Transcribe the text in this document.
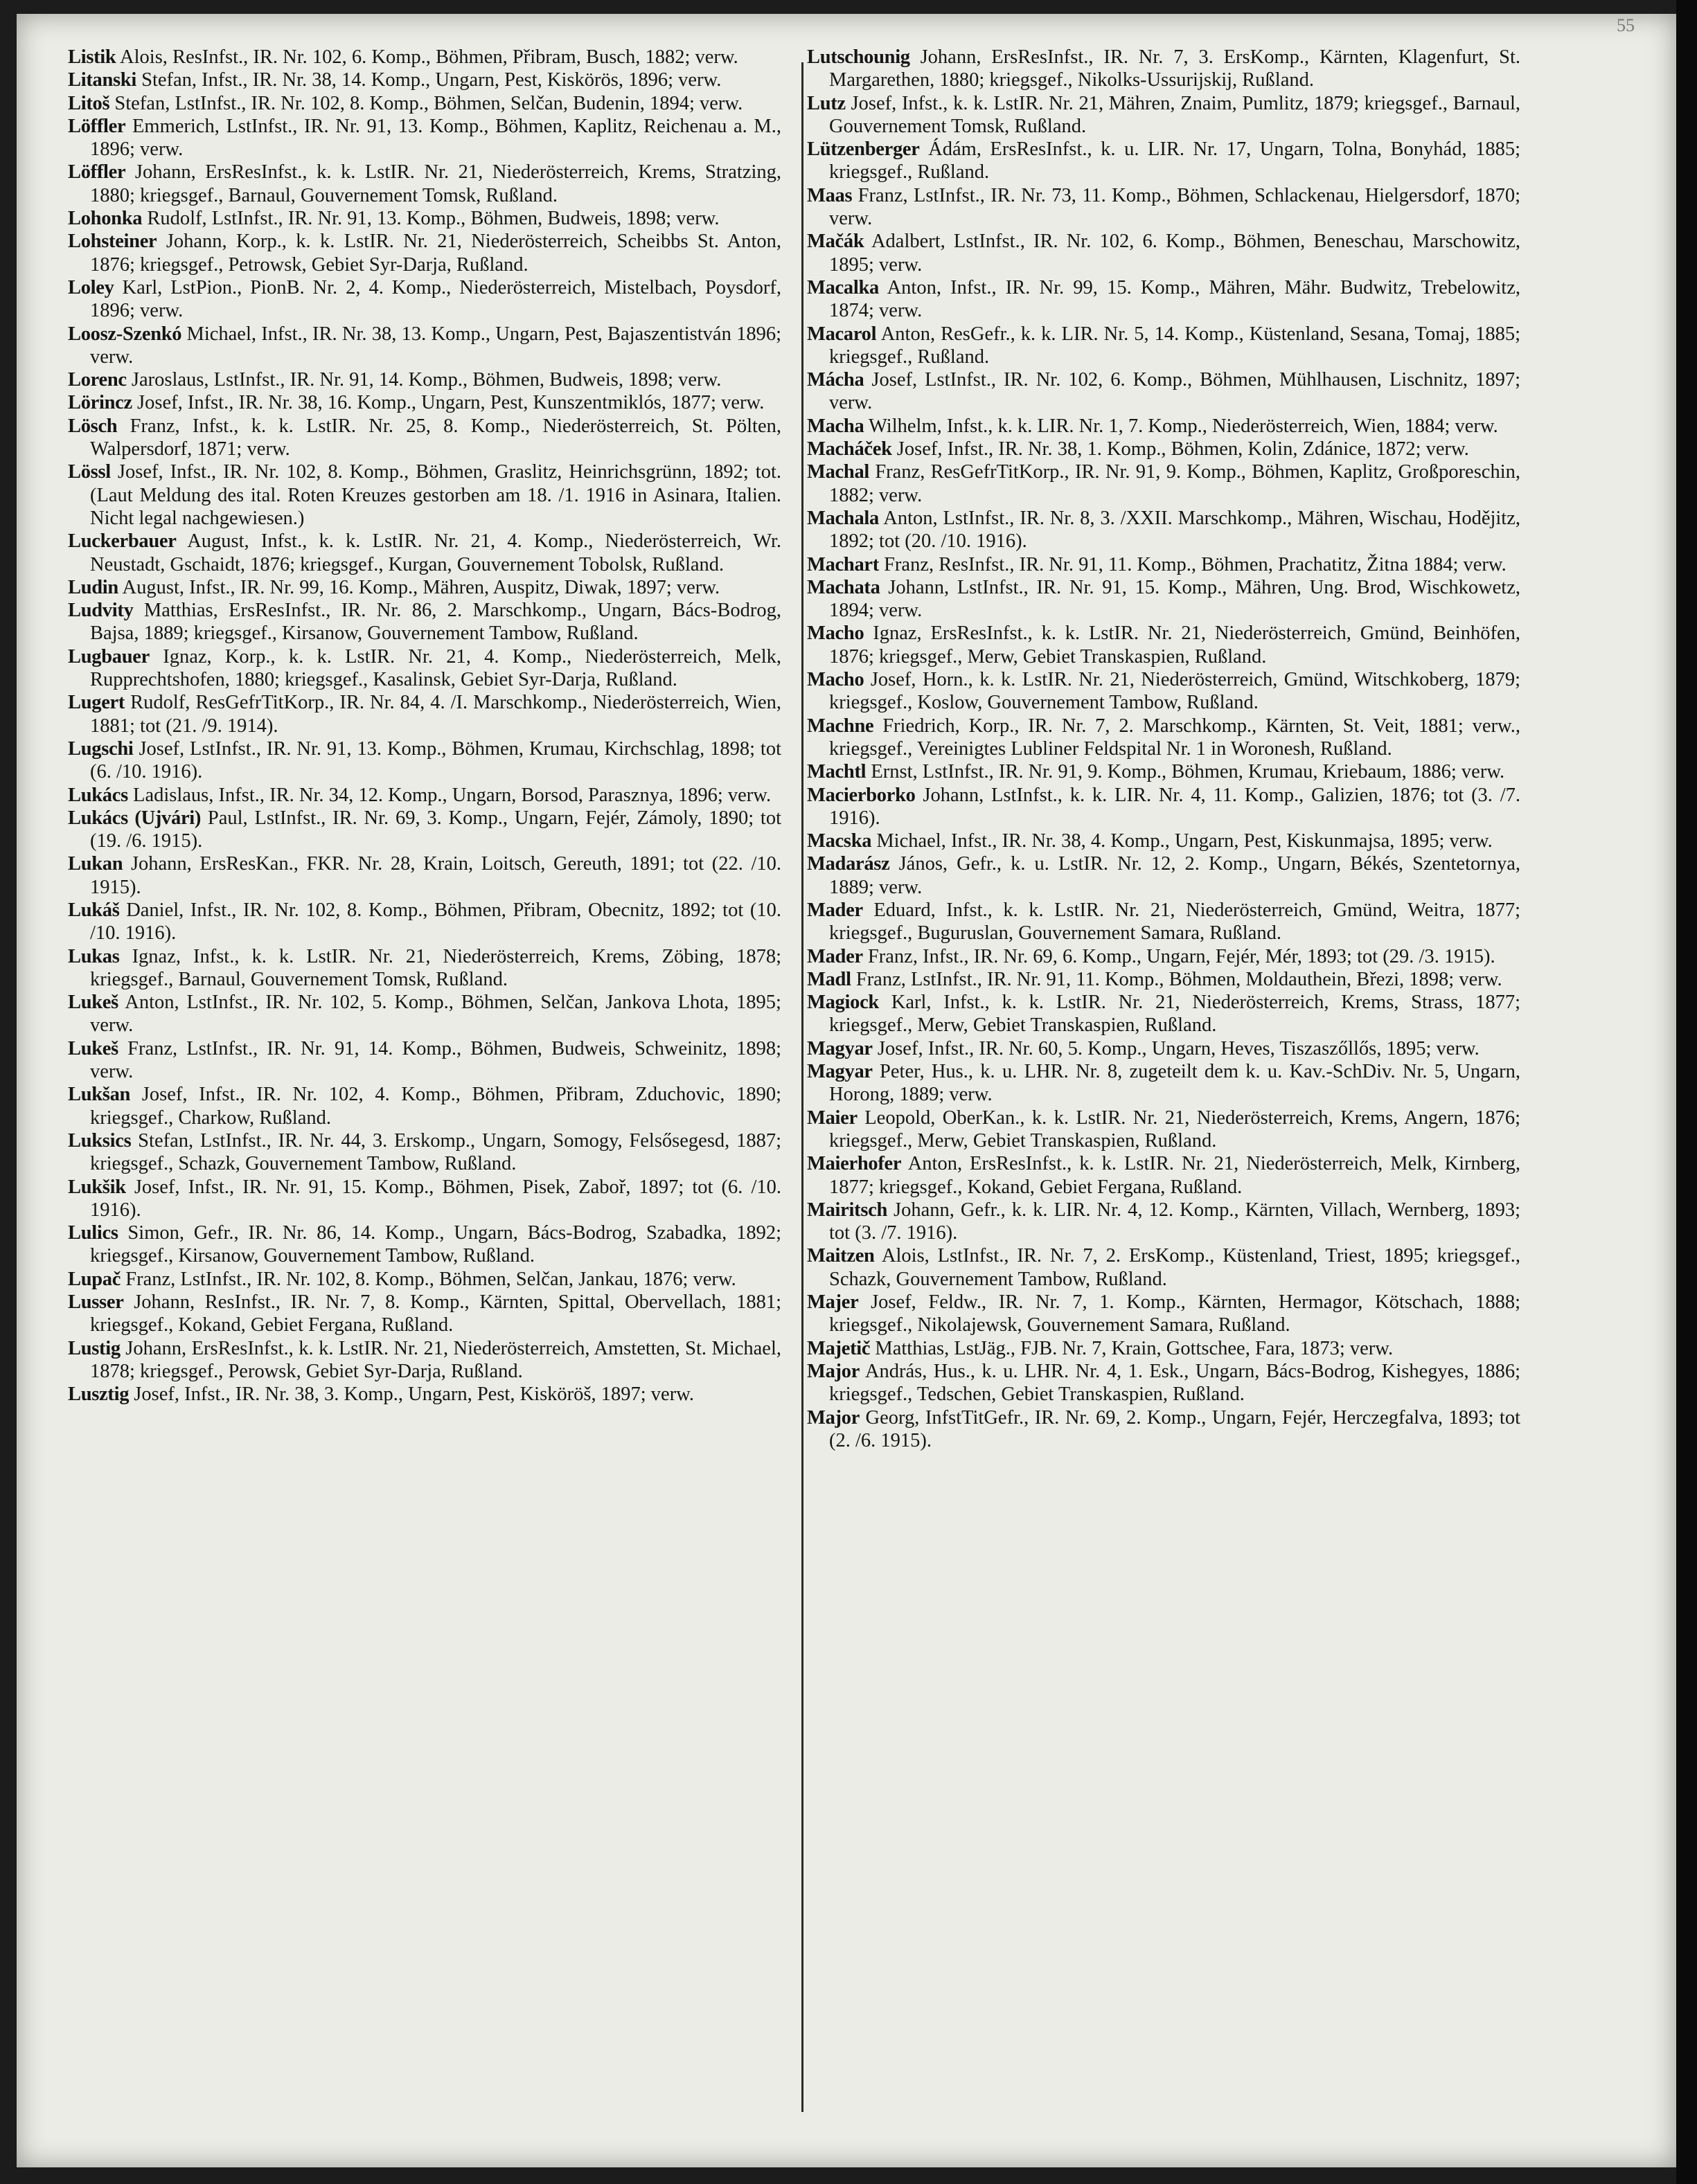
55

Listik Alois, ResInfst., IR. Nr. 102, 6. Komp., Böhmen, Přibram, Busch, 1882; verw.

Litanski Stefan, Infst., IR. Nr. 38, 14. Komp., Ungarn, Pest, Kiskörös, 1896; verw.

Litoš Stefan, LstInfst., IR. Nr. 102, 8. Komp., Böhmen, Selčan, Budenin, 1894; verw.

Löffler Emmerich, LstInfst., IR. Nr. 91, 13. Komp., Böhmen, Kaplitz, Reichenau a. M., 1896; verw.

Löffler Johann, ErsResInfst., k. k. LstIR. Nr. 21, Niederösterreich, Krems, Stratzing, 1880; kriegsgef., Barnaul, Gouvernement Tomsk, Rußland.

Lohonka Rudolf, LstInfst., IR. Nr. 91, 13. Komp., Böhmen, Budweis, 1898; verw.

Lohsteiner Johann, Korp., k. k. LstIR. Nr. 21, Niederösterreich, Scheibbs St. Anton, 1876; kriegsgef., Petrowsk, Gebiet Syr-Darja, Rußland.

Loley Karl, LstPion., PionB. Nr. 2, 4. Komp., Niederösterreich, Mistelbach, Poysdorf, 1896; verw.

Loosz-Szenkó Michael, Infst., IR. Nr. 38, 13. Komp., Ungarn, Pest, Bajaszentistván 1896; verw.

Lorenc Jaroslaus, LstInfst., IR. Nr. 91, 14. Komp., Böhmen, Budweis, 1898; verw.

Lörincz Josef, Infst., IR. Nr. 38, 16. Komp., Ungarn, Pest, Kunszentmiklós, 1877; verw.

Lösch Franz, Infst., k. k. LstIR. Nr. 25, 8. Komp., Niederösterreich, St. Pölten, Walpersdorf, 1871; verw.

Lössl Josef, Infst., IR. Nr. 102, 8. Komp., Böhmen, Graslitz, Heinrichsgrünn, 1892; tot. (Laut Meldung des ital. Roten Kreuzes gestorben am 18. /1. 1916 in Asinara, Italien. Nicht legal nachgewiesen.)

Luckerbauer August, Infst., k. k. LstIR. Nr. 21, 4. Komp., Niederösterreich, Wr. Neustadt, Gschaidt, 1876; kriegsgef., Kurgan, Gouvernement Tobolsk, Rußland.

Ludin August, Infst., IR. Nr. 99, 16. Komp., Mähren, Auspitz, Diwak, 1897; verw.

Ludvity Matthias, ErsResInfst., IR. Nr. 86, 2. Marschkomp., Ungarn, Bács-Bodrog, Bajsa, 1889; kriegsgef., Kirsanow, Gouvernement Tambow, Rußland.

Lugbauer Ignaz, Korp., k. k. LstIR. Nr. 21, 4. Komp., Niederösterreich, Melk, Rupprechtshofen, 1880; kriegsgef., Kasalinsk, Gebiet Syr-Darja, Rußland.

Lugert Rudolf, ResGefrTitKorp., IR. Nr. 84, 4. /I. Marschkomp., Niederösterreich, Wien, 1881; tot (21. /9. 1914).

Lugschi Josef, LstInfst., IR. Nr. 91, 13. Komp., Böhmen, Krumau, Kirchschlag, 1898; tot (6. /10. 1916).

Lukács Ladislaus, Infst., IR. Nr. 34, 12. Komp., Ungarn, Borsod, Parasznya, 1896; verw.

Lukács (Ujvári) Paul, LstInfst., IR. Nr. 69, 3. Komp., Ungarn, Fejér, Zámoly, 1890; tot (19. /6. 1915).

Lukan Johann, ErsResKan., FKR. Nr. 28, Krain, Loitsch, Gereuth, 1891; tot (22. /10. 1915).

Lukáš Daniel, Infst., IR. Nr. 102, 8. Komp., Böhmen, Přibram, Obecnitz, 1892; tot (10. /10. 1916).

Lukas Ignaz, Infst., k. k. LstIR. Nr. 21, Niederösterreich, Krems, Zöbing, 1878; kriegsgef., Barnaul, Gouvernement Tomsk, Rußland.

Lukeš Anton, LstInfst., IR. Nr. 102, 5. Komp., Böhmen, Selčan, Jankova Lhota, 1895; verw.

Lukeš Franz, LstInfst., IR. Nr. 91, 14. Komp., Böhmen, Budweis, Schweinitz, 1898; verw.

Lukšan Josef, Infst., IR. Nr. 102, 4. Komp., Böhmen, Přibram, Zduchovic, 1890; kriegsgef., Charkow, Rußland.

Luksics Stefan, LstInfst., IR. Nr. 44, 3. Erskomp., Ungarn, Somogy, Felsősegesd, 1887; kriegsgef., Schazk, Gouvernement Tambow, Rußland.

Lukšik Josef, Infst., IR. Nr. 91, 15. Komp., Böhmen, Pisek, Zaboř, 1897; tot (6. /10. 1916).

Lulics Simon, Gefr., IR. Nr. 86, 14. Komp., Ungarn, Bács-Bodrog, Szabadka, 1892; kriegsgef., Kirsanow, Gouvernement Tambow, Rußland.

Lupač Franz, LstInfst., IR. Nr. 102, 8. Komp., Böhmen, Selčan, Jankau, 1876; verw.

Lusser Johann, ResInfst., IR. Nr. 7, 8. Komp., Kärnten, Spittal, Obervellach, 1881; kriegsgef., Kokand, Gebiet Fergana, Rußland.

Lustig Johann, ErsResInfst., k. k. LstIR. Nr. 21, Niederösterreich, Amstetten, St. Michael, 1878; kriegsgef., Perowsk, Gebiet Syr-Darja, Rußland.

Lusztig Josef, Infst., IR. Nr. 38, 3. Komp., Ungarn, Pest, Kisköröš, 1897; verw.

Lutschounig Johann, ErsResInfst., IR. Nr. 7, 3. ErsKomp., Kärnten, Klagenfurt, St. Margarethen, 1880; kriegsgef., Nikolks-Ussurijskij, Rußland.

Lutz Josef, Infst., k. k. LstIR. Nr. 21, Mähren, Znaim, Pumlitz, 1879; kriegsgef., Barnaul, Gouvernement Tomsk, Rußland.

Lützenberger Ádám, ErsResInfst., k. u. LIR. Nr. 17, Ungarn, Tolna, Bonyhád, 1885; kriegsgef., Rußland.

Maas Franz, LstInfst., IR. Nr. 73, 11. Komp., Böhmen, Schlackenau, Hielgersdorf, 1870; verw.

Mačák Adalbert, LstInfst., IR. Nr. 102, 6. Komp., Böhmen, Beneschau, Marschowitz, 1895; verw.

Macalka Anton, Infst., IR. Nr. 99, 15. Komp., Mähren, Mähr. Budwitz, Trebelowitz, 1874; verw.

Macarol Anton, ResGefr., k. k. LIR. Nr. 5, 14. Komp., Küstenland, Sesana, Tomaj, 1885; kriegsgef., Rußland.

Mácha Josef, LstInfst., IR. Nr. 102, 6. Komp., Böhmen, Mühlhausen, Lischnitz, 1897; verw.

Macha Wilhelm, Infst., k. k. LIR. Nr. 1, 7. Komp., Niederösterreich, Wien, 1884; verw.

Macháček Josef, Infst., IR. Nr. 38, 1. Komp., Böhmen, Kolin, Zdánice, 1872; verw.

Machal Franz, ResGefrTitKorp., IR. Nr. 91, 9. Komp., Böhmen, Kaplitz, Großporeschin, 1882; verw.

Machala Anton, LstInfst., IR. Nr. 8, 3. /XXII. Marschkomp., Mähren, Wischau, Hodějitz, 1892; tot (20. /10. 1916).

Machart Franz, ResInfst., IR. Nr. 91, 11. Komp., Böhmen, Prachatitz, Žitna 1884; verw.

Machata Johann, LstInfst., IR. Nr. 91, 15. Komp., Mähren, Ung. Brod, Wischkowetz, 1894; verw.

Macho Ignaz, ErsResInfst., k. k. LstIR. Nr. 21, Niederösterreich, Gmünd, Beinhöfen, 1876; kriegsgef., Merw, Gebiet Transkaspien, Rußland.

Macho Josef, Horn., k. k. LstIR. Nr. 21, Niederösterreich, Gmünd, Witschkoberg, 1879; kriegsgef., Koslow, Gouvernement Tambow, Rußland.

Machne Friedrich, Korp., IR. Nr. 7, 2. Marschkomp., Kärnten, St. Veit, 1881; verw., kriegsgef., Vereinigtes Lubliner Feldspital Nr. 1 in Woronesh, Rußland.

Machtl Ernst, LstInfst., IR. Nr. 91, 9. Komp., Böhmen, Krumau, Kriebaum, 1886; verw.

Macierborko Johann, LstInfst., k. k. LIR. Nr. 4, 11. Komp., Galizien, 1876; tot (3. /7. 1916).

Macska Michael, Infst., IR. Nr. 38, 4. Komp., Ungarn, Pest, Kiskunmajsa, 1895; verw.

Madarász János, Gefr., k. u. LstIR. Nr. 12, 2. Komp., Ungarn, Békés, Szentetornya, 1889; verw.

Mader Eduard, Infst., k. k. LstIR. Nr. 21, Niederösterreich, Gmünd, Weitra, 1877; kriegsgef., Buguruslan, Gouvernement Samara, Rußland.

Mader Franz, Infst., IR. Nr. 69, 6. Komp., Ungarn, Fejér, Mér, 1893; tot (29. /3. 1915).

Madl Franz, LstInfst., IR. Nr. 91, 11. Komp., Böhmen, Moldauthein, Březi, 1898; verw.

Magiock Karl, Infst., k. k. LstIR. Nr. 21, Niederösterreich, Krems, Strass, 1877; kriegsgef., Merw, Gebiet Transkaspien, Rußland.

Magyar Josef, Infst., IR. Nr. 60, 5. Komp., Ungarn, Heves, Tiszaszőllős, 1895; verw.

Magyar Peter, Hus., k. u. LHR. Nr. 8, zugeteilt dem k. u. Kav.-SchDiv. Nr. 5, Ungarn, Horong, 1889; verw.

Maier Leopold, OberKan., k. k. LstIR. Nr. 21, Niederösterreich, Krems, Angern, 1876; kriegsgef., Merw, Gebiet Transkaspien, Rußland.

Maierhofer Anton, ErsResInfst., k. k. LstIR. Nr. 21, Niederösterreich, Melk, Kirnberg, 1877; kriegsgef., Kokand, Gebiet Fergana, Rußland.

Mairitsch Johann, Gefr., k. k. LIR. Nr. 4, 12. Komp., Kärnten, Villach, Wernberg, 1893; tot (3. /7. 1916).

Maitzen Alois, LstInfst., IR. Nr. 7, 2. ErsKomp., Küstenland, Triest, 1895; kriegsgef., Schazk, Gouvernement Tambow, Rußland.

Majer Josef, Feldw., IR. Nr. 7, 1. Komp., Kärnten, Hermagor, Kötschach, 1888; kriegsgef., Nikolajewsk, Gouvernement Samara, Rußland.

Majetič Matthias, LstJäg., FJB. Nr. 7, Krain, Gottschee, Fara, 1873; verw.

Major András, Hus., k. u. LHR. Nr. 4, 1. Esk., Ungarn, Bács-Bodrog, Kishegyes, 1886; kriegsgef., Tedschen, Gebiet Transkaspien, Rußland.

Major Georg, InfstTitGefr., IR. Nr. 69, 2. Komp., Ungarn, Fejér, Herczegfalva, 1893; tot (2. /6. 1915).
